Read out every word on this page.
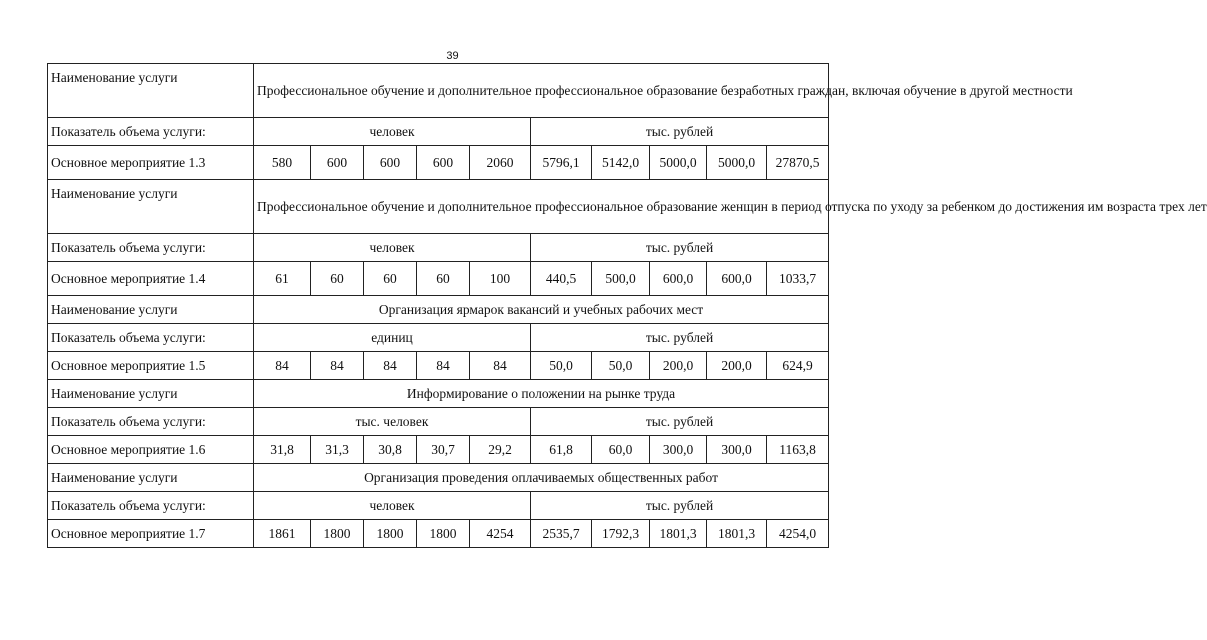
39
Наименование услуги	Профессиональное обучение и дополнительное профессиональное образование безработных граждан, включая обучение в другой местности									
Показатель объема услуги:	человек					тыс. рублей				
Основное мероприятие 1.3	580	600	600	600	2060	5796,1	5142,0	5000,0	5000,0	27870,5
Наименование услуги	Профессиональное обучение и дополнительное профессиональное образование женщин в период отпуска по уходу за ребенком до достижения им возраста трех лет									
Показатель объема услуги:	человек					тыс. рублей				
Основное мероприятие 1.4	61	60	60	60	100	440,5	500,0	600,0	600,0	1033,7
Наименование услуги	Организация ярмарок вакансий и учебных рабочих мест									
Показатель объема услуги:	единиц					тыс. рублей				
Основное мероприятие 1.5	84	84	84	84	84	50,0	50,0	200,0	200,0	624,9
Наименование услуги	Информирование о положении на рынке труда									
Показатель объема услуги:	тыс. человек					тыс. рублей				
Основное мероприятие 1.6	31,8	31,3	30,8	30,7	29,2	61,8	60,0	300,0	300,0	1163,8
Наименование услуги	Организация проведения оплачиваемых общественных работ									
Показатель объема услуги:	человек					тыс. рублей				
Основное мероприятие 1.7	1861	1800	1800	1800	4254	2535,7	1792,3	1801,3	1801,3	4254,0
